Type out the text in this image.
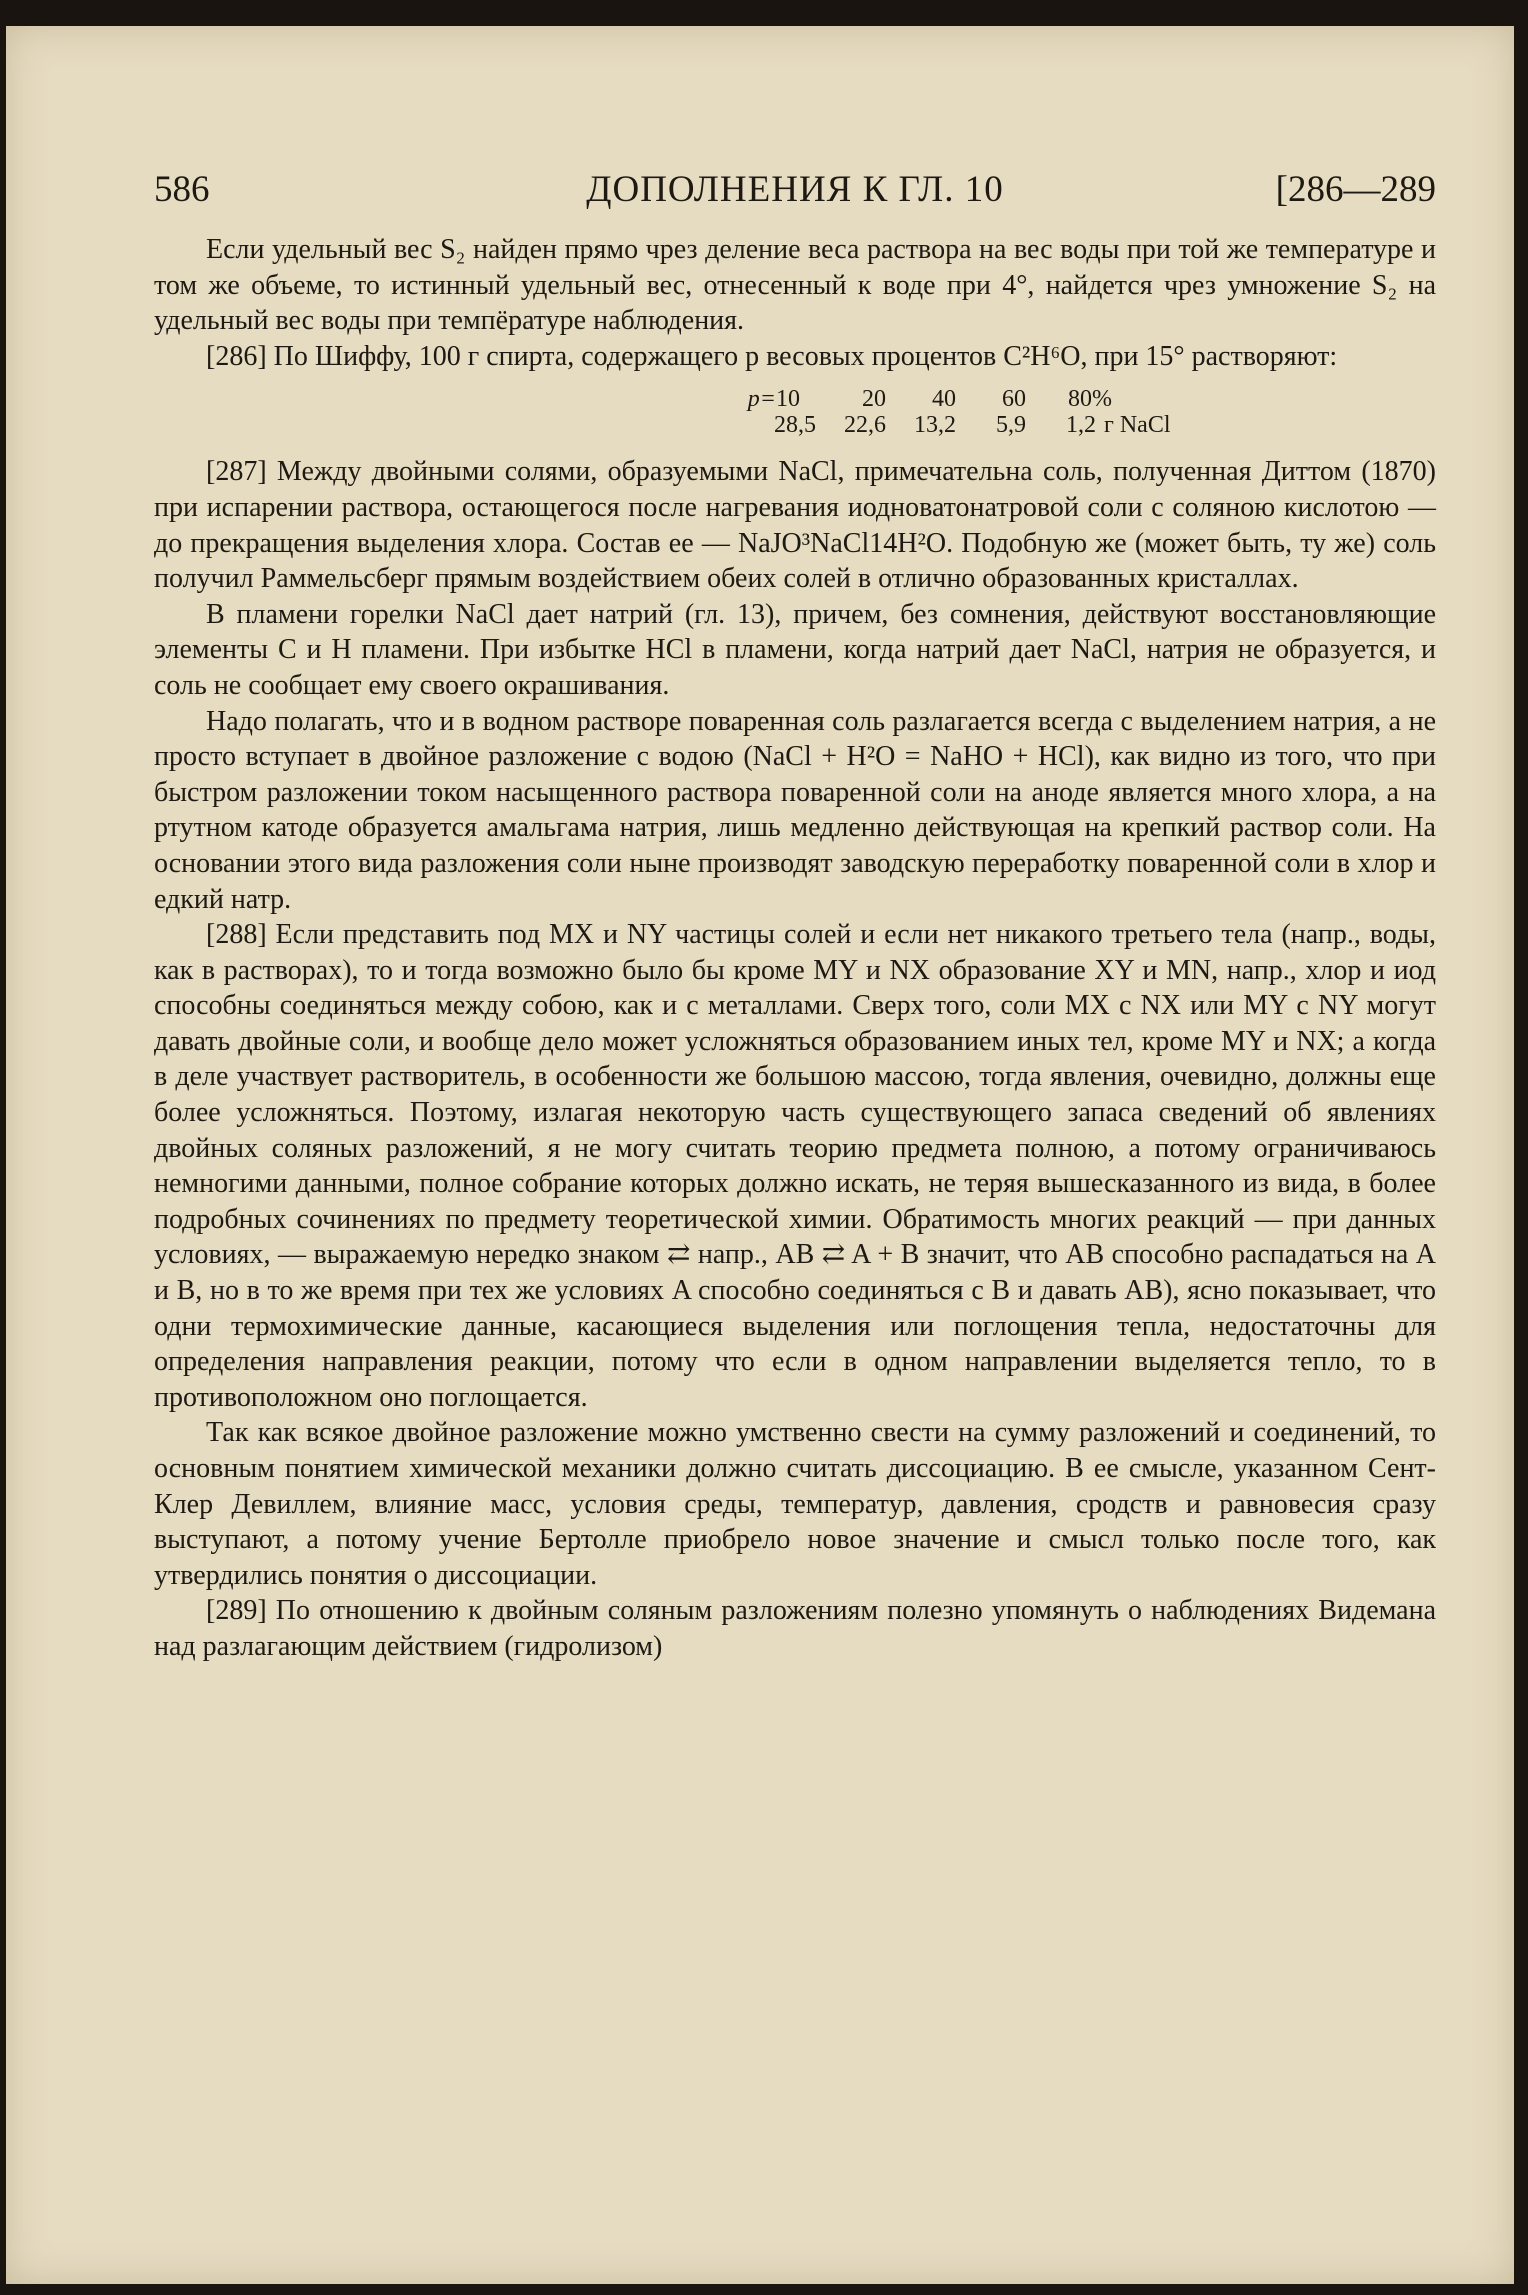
586	ДОПОЛНЕНИЯ К ГЛ. 10	[286—289

Если удельный вес S₂ найден прямо чрез деление веса раствора на вес воды при той же температуре и том же объеме, то истинный удельный вес, отнесенный к воде при 4°, найдется чрез умножение S₂ на удельный вес воды при темпёратуре наблюдения.

[286] По Шиффу, 100 г спирта, содержащего p весовых процентов C²H⁶O, при 15° растворяют:

p= 10	20	40	60	80%
28,5	22,6	13,2	5,9	1,2 г NaCl

[287] Между двойными солями, образуемыми NaCl, примечательна соль, полученная Диттом (1870) при испарении раствора, остающегося после нагревания иодноватонатровой соли с соляною кислотою — до прекращения выделения хлора. Состав ее — NaJO³NaCl14H²O. Подобную же (может быть, ту же) соль получил Раммельсберг прямым воздействием обеих солей в отлично образованных кристаллах.

В пламени горелки NaCl дает натрий (гл. 13), причем, без сомнения, действуют восстановляющие элементы C и H пламени. При избытке HCl в пламени, когда натрий дает NaCl, натрия не образуется, и соль не сообщает ему своего окрашивания.

Надо полагать, что и в водном растворе поваренная соль разлагается всегда с выделением натрия, а не просто вступает в двойное разложение с водою (NaCl + H²O = NaHO + HCl), как видно из того, что при быстром разложении током насыщенного раствора поваренной соли на аноде является много хлора, а на ртутном катоде образуется амальгама натрия, лишь медленно действующая на крепкий раствор соли. На основании этого вида разложения соли ныне производят заводскую переработку поваренной соли в хлор и едкий натр.

[288] Если представить под MX и NY частицы солей и если нет никакого третьего тела (напр., воды, как в растворах), то и тогда возможно было бы кроме MY и NX образование XY и MN, напр., хлор и иод способны соединяться между собою, как и с металлами. Сверх того, соли MX с NX или MY с NY могут давать двойные соли, и вообще дело может усложняться образованием иных тел, кроме MY и NX; а когда в деле участвует растворитель, в особенности же большою массою, тогда явления, очевидно, должны еще более усложняться. Поэтому, излагая некоторую часть существующего запаса сведений об явлениях двойных соляных разложений, я не могу считать теорию предмета полною, а потому ограничиваюсь немногими данными, полное собрание которых должно искать, не теряя вышесказанного из вида, в более подробных сочинениях по предмету теоретической химии. Обратимость многих реакций — при данных условиях, — выражаемую нередко знаком ⇄ напр., AB ⇄ A + B значит, что AB способно распадаться на A и B, но в то же время при тех же условиях A способно соединяться с B и давать AB), ясно показывает, что одни термохимические данные, касающиеся выделения или поглощения тепла, недостаточны для определения направления реакции, потому что если в одном направлении выделяется тепло, то в противоположном оно поглощается.

Так как всякое двойное разложение можно умственно свести на сумму разложений и соединений, то основным понятием химической механики должно считать диссоциацию. В ее смысле, указанном Сент-Клер Девиллем, влияние масс, условия среды, температур, давления, сродств и равновесия сразу выступают, а потому учение Бертолле приобрело новое значение и смысл только после того, как утвердились понятия о диссоциации.

[289] По отношению к двойным соляным разложениям полезно упомянуть о наблюдениях Видемана над разлагающим действием (гидролизом)
